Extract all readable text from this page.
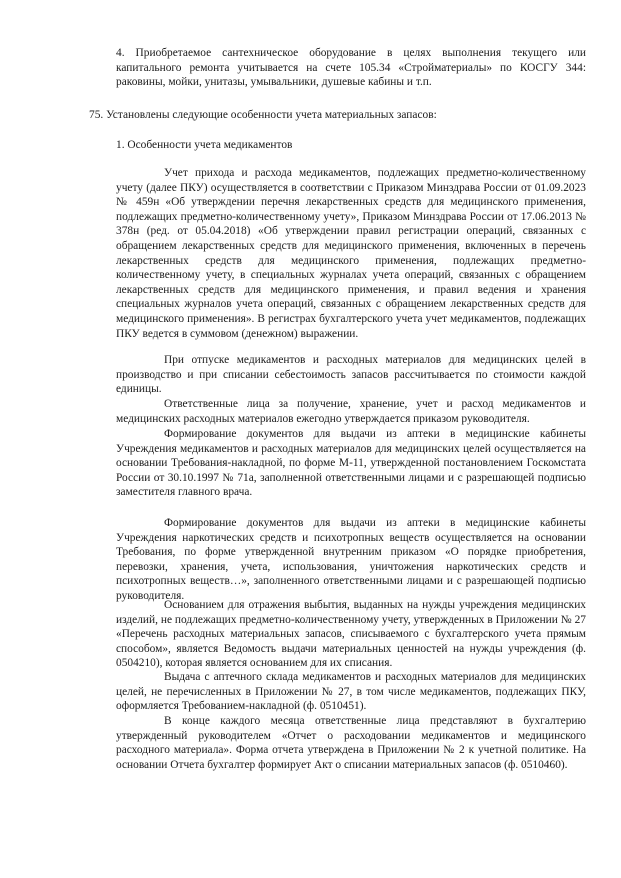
4. Приобретаемое сантехническое оборудование в целях выполнения текущего или капитального ремонта учитывается на счете 105.34 «Стройматериалы» по КОСГУ 344: раковины, мойки, унитазы, умывальники, душевые кабины и т.п.

75. Установлены следующие особенности учета материальных запасов:

1. Особенности учета медикаментов

Учет прихода и расхода медикаментов, подлежащих предметно-количественному учету (далее ПКУ) осуществляется в соответствии с Приказом Минздрава России от 01.09.2023 № 459н «Об утверждении перечня лекарственных средств для медицинского применения, подлежащих предметно-количественному учету», Приказом Минздрава России от 17.06.2013 № 378н (ред. от 05.04.2018) «Об утверждении правил регистрации операций, связанных с обращением лекарственных средств для медицинского применения, включенных в перечень лекарственных средств для медицинского применения, подлежащих предметно-количественному учету, в специальных журналах учета операций, связанных с обращением лекарственных средств для медицинского применения, и правил ведения и хранения специальных журналов учета операций, связанных с обращением лекарственных средств для медицинского применения». В регистрах бухгалтерского учета учет медикаментов, подлежащих ПКУ ведется в суммовом (денежном) выражении.

При отпуске медикаментов и расходных материалов для медицинских целей в производство и при списании себестоимость запасов рассчитывается по стоимости каждой единицы.

Ответственные лица за получение, хранение, учет и расход медикаментов и медицинских расходных материалов ежегодно утверждается приказом руководителя.

Формирование документов для выдачи из аптеки в медицинские кабинеты Учреждения медикаментов и расходных материалов для медицинских целей осуществляется на основании Требования-накладной, по форме М-11, утвержденной постановлением Госкомстата России от 30.10.1997 № 71а, заполненной ответственными лицами и с разрешающей подписью заместителя главного врача.

Формирование документов для выдачи из аптеки в медицинские кабинеты Учреждения наркотических средств и психотропных веществ осуществляется на основании Требования, по форме утвержденной внутренним приказом «О порядке приобретения, перевозки, хранения, учета, использования, уничтожения наркотических средств и психотропных веществ…», заполненного ответственными лицами и с разрешающей подписью руководителя.

Основанием для отражения выбытия, выданных на нужды учреждения медицинских изделий, не подлежащих предметно-количественному учету, утвержденных в Приложении № 27 «Перечень расходных материальных запасов, списываемого с бухгалтерского учета прямым способом», является Ведомость выдачи материальных ценностей на нужды учреждения (ф. 0504210), которая является основанием для их списания.

Выдача с аптечного склада медикаментов и расходных материалов для медицинских целей, не перечисленных в Приложении № 27, в том числе медикаментов, подлежащих ПКУ, оформляется Требованием-накладной (ф. 0510451).

В конце каждого месяца ответственные лица представляют в бухгалтерию утвержденный руководителем «Отчет о расходовании медикаментов и медицинского расходного материала». Форма отчета утверждена в Приложении № 2 к учетной политике. На основании Отчета бухгалтер формирует Акт о списании материальных запасов (ф. 0510460).
